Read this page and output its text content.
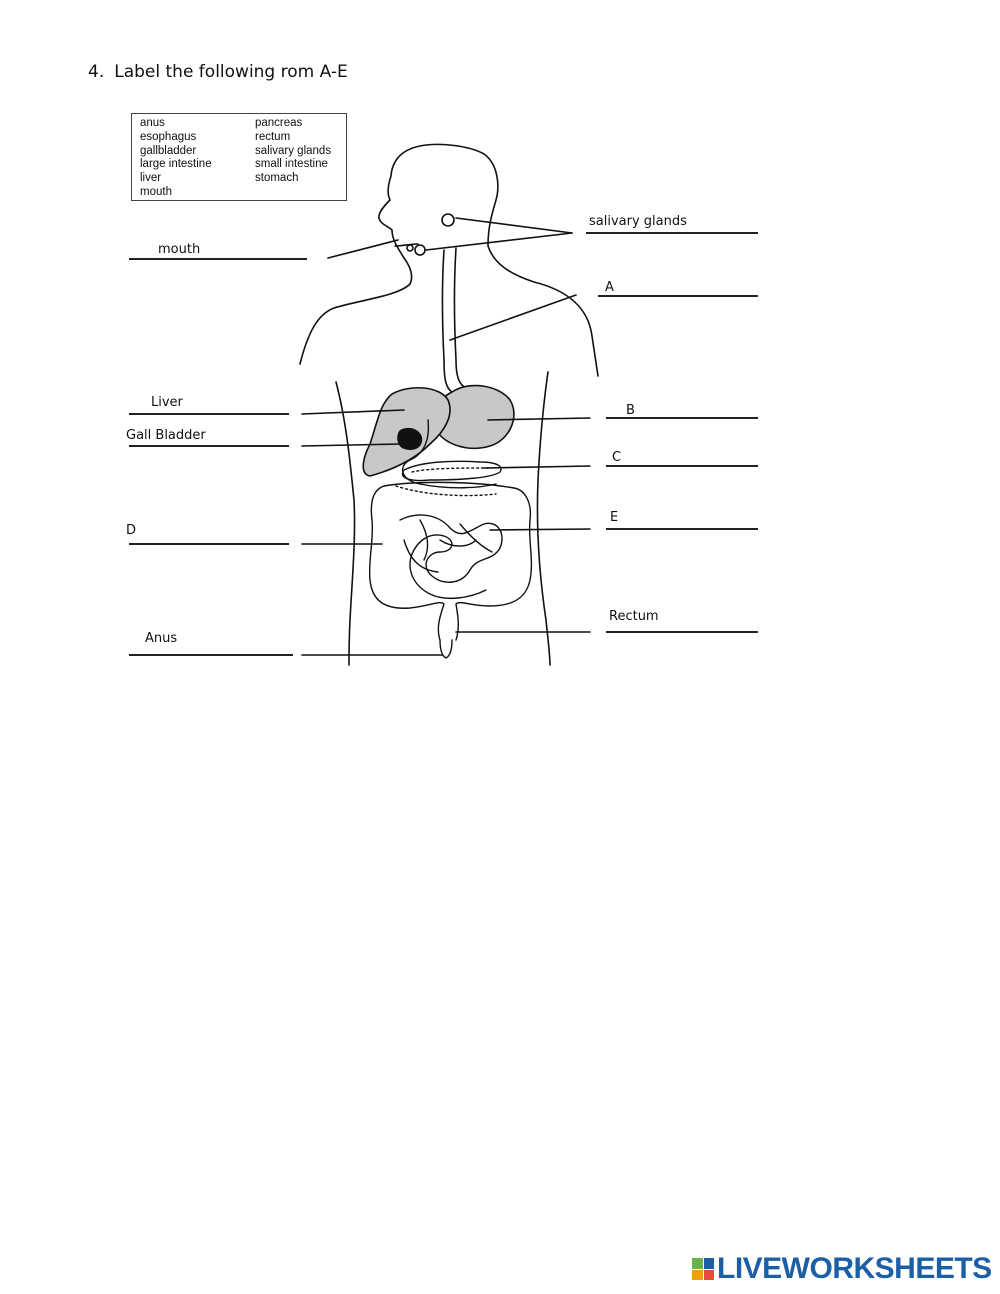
4. Label the following rom A-E
anus
esophagus
gallbladder
large intestine
liver
mouth
pancreas
rectum
salivary glands
small intestine
stomach
mouth
salivary glands
A
Liver
Gall Bladder
B
C
D
E
Rectum
Anus
LIVEWORKSHEETS
